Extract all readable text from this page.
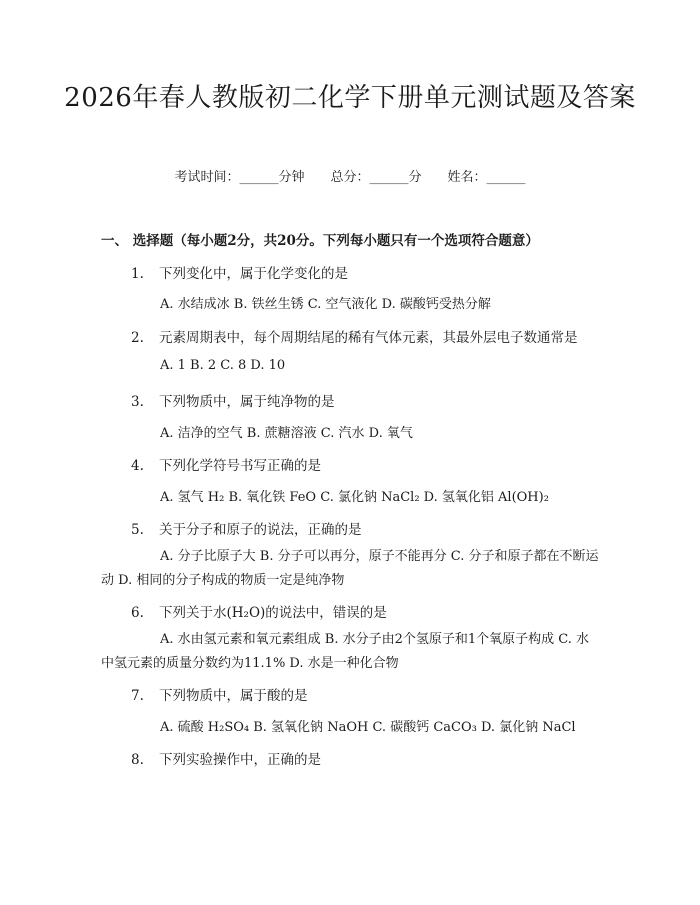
2026年春人教版初二化学下册单元测试题及答案
考试时间：______分钟 总分：______分 姓名：______
一、 选择题（每小题2分，共20分。下列每小题只有一个选项符合题意）
1. 下列变化中，属于化学变化的是
A. 水结成冰 B. 铁丝生锈 C. 空气液化 D. 碳酸钙受热分解
2. 元素周期表中，每个周期结尾的稀有气体元素，其最外层电子数通常是
A. 1 B. 2 C. 8 D. 10
3. 下列物质中，属于纯净物的是
A. 洁净的空气 B. 蔗糖溶液 C. 汽水 D. 氧气
4. 下列化学符号书写正确的是
A. 氢气 H₂ B. 氧化铁 FeO C. 氯化钠 NaCl₂ D. 氢氧化铝 Al(OH)₂
5. 关于分子和原子的说法，正确的是
A. 分子比原子大 B. 分子可以再分，原子不能再分 C. 分子和原子都在不断运动 D. 相同的分子构成的物质一定是纯净物
6. 下列关于水(H₂O)的说法中，错误的是
A. 水由氢元素和氧元素组成 B. 水分子由2个氢原子和1个氧原子构成 C. 水中氢元素的质量分数约为11.1% D. 水是一种化合物
7. 下列物质中，属于酸的是
A. 硫酸 H₂SO₄ B. 氢氧化钠 NaOH C. 碳酸钙 CaCO₃ D. 氯化钠 NaCl
8. 下列实验操作中，正确的是
